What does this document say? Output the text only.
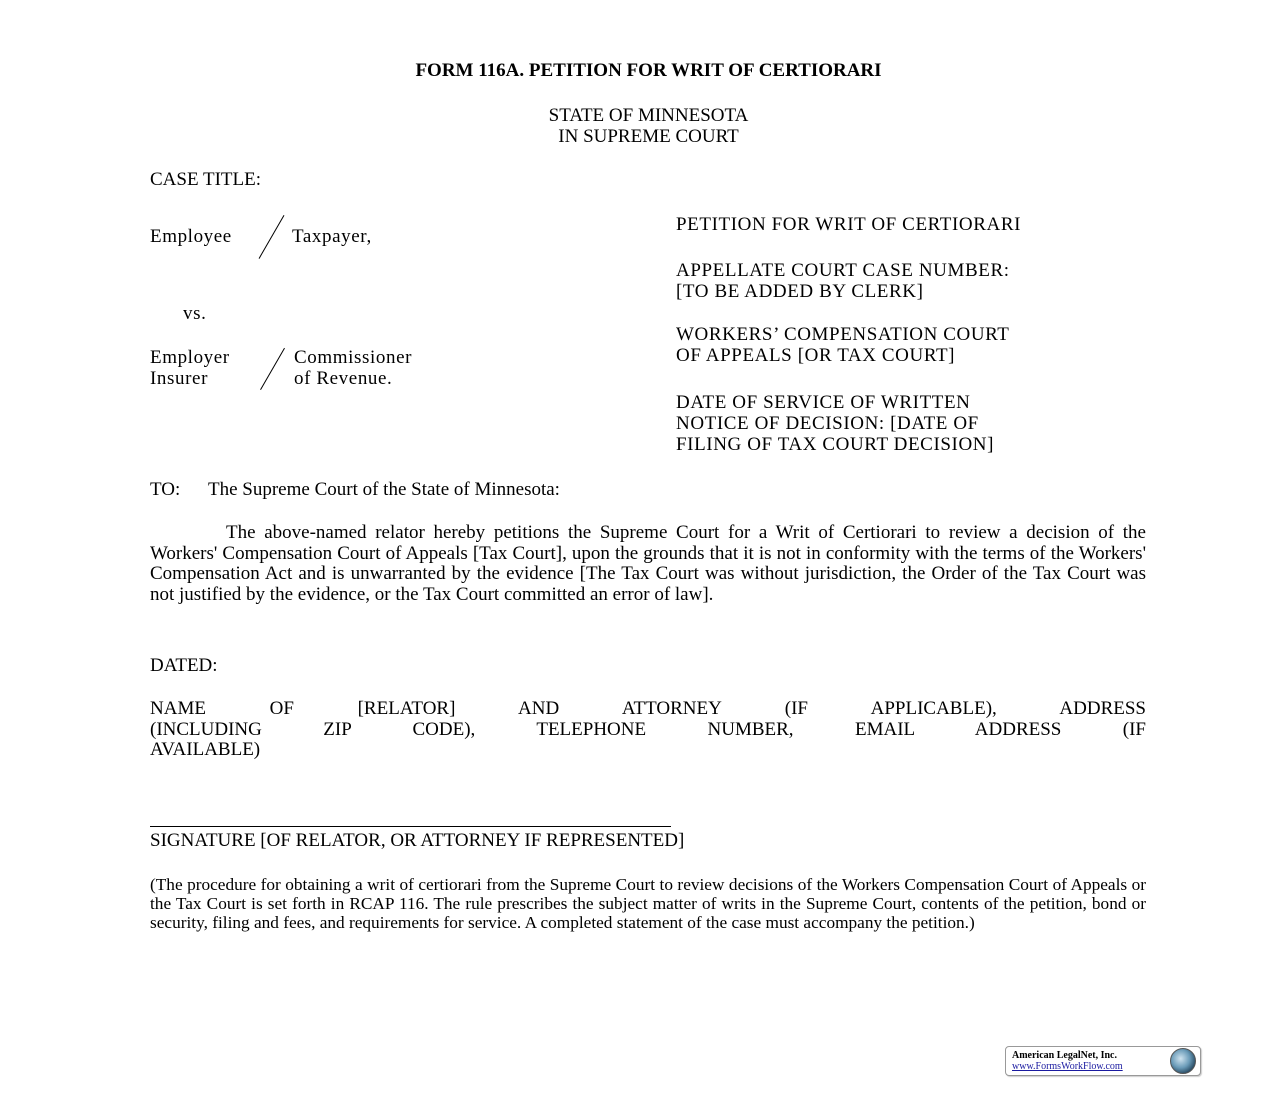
FORM 116A. PETITION FOR WRIT OF CERTIORARI
STATE OF MINNESOTA
IN SUPREME COURT
CASE TITLE:
Employee	Taxpayer,
vs.
Employer
Insurer
Commissioner
of Revenue.
PETITION FOR WRIT OF CERTIORARI
APPELLATE COURT CASE NUMBER:
[TO BE ADDED BY CLERK]
WORKERS’ COMPENSATION COURT
OF APPEALS [OR TAX COURT]
DATE OF SERVICE OF WRITTEN
NOTICE OF DECISION: [DATE OF
FILING OF TAX COURT DECISION]
TO: The Supreme Court of the State of Minnesota:
The above-named relator hereby petitions the Supreme Court for a Writ of Certiorari to review a decision of the Workers' Compensation Court of Appeals [Tax Court], upon the grounds that it is not in conformity with the terms of the Workers' Compensation Act and is unwarranted by the evidence [The Tax Court was without jurisdiction, the Order of the Tax Court was not justified by the evidence, or the Tax Court committed an error of law].
DATED:
NAME OF [RELATOR] AND ATTORNEY (IF APPLICABLE), ADDRESS
(INCLUDING ZIP CODE), TELEPHONE NUMBER, EMAIL ADDRESS (IF
AVAILABLE)
SIGNATURE [OF RELATOR, OR ATTORNEY IF REPRESENTED]
(The procedure for obtaining a writ of certiorari from the Supreme Court to review decisions of the Workers Compensation Court of Appeals or the Tax Court is set forth in RCAP 116. The rule prescribes the subject matter of writs in the Supreme Court, contents of the petition, bond or security, filing and fees, and requirements for service. A completed statement of the case must accompany the petition.)
American LegalNet, Inc.
www.FormsWorkFlow.com
